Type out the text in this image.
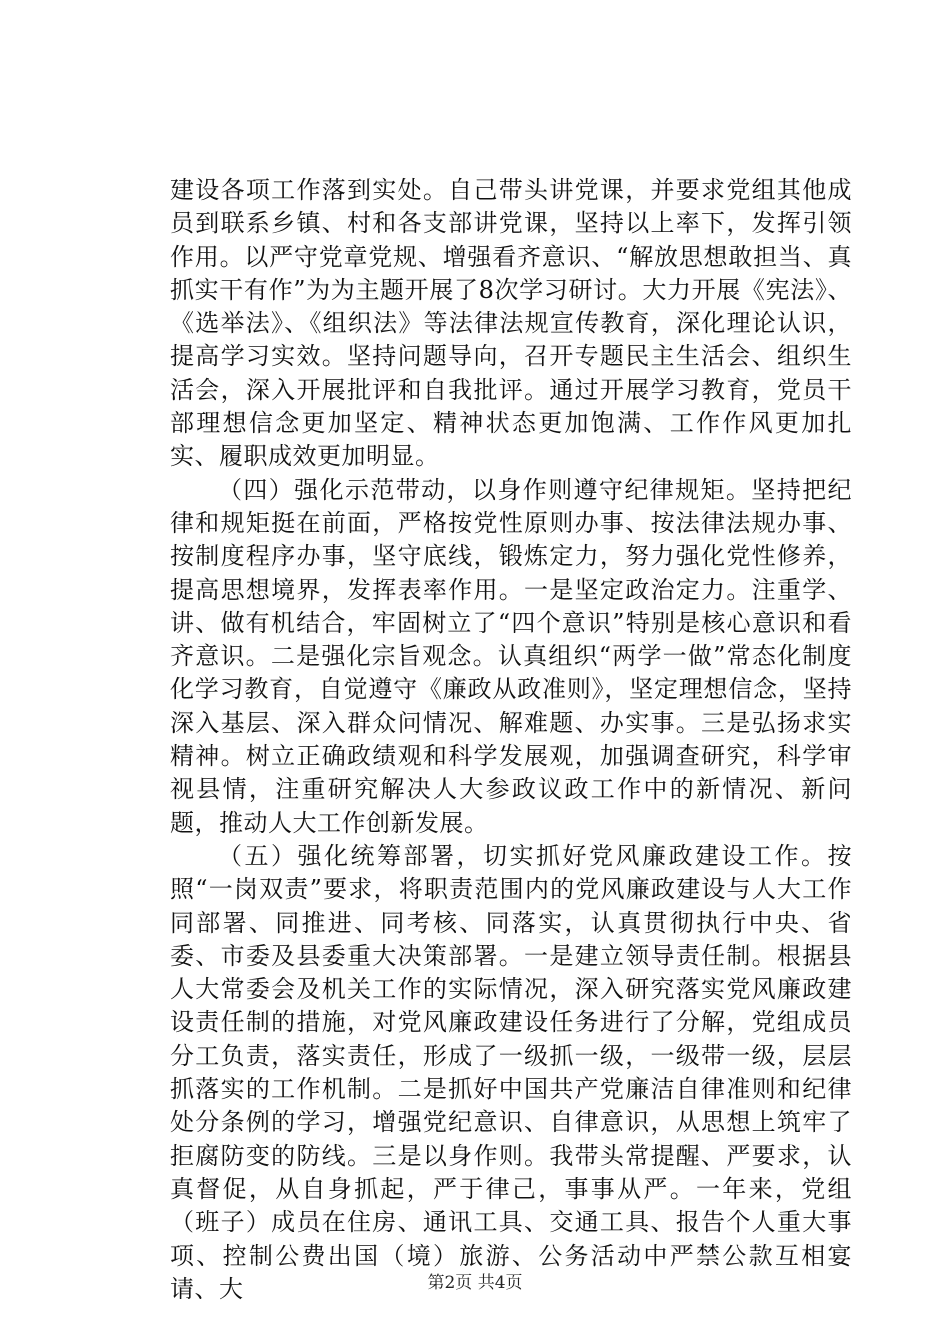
建设各项工作落到实处。自己带头讲党课，并要求党组其他成员到联系乡镇、村和各支部讲党课，坚持以上率下，发挥引领作用。以严守党章党规、增强看齐意识、“解放思想敢担当、真抓实干有作”为为主题开展了8次学习研讨。大力开展《宪法》、《选举法》、《组织法》等法律法规宣传教育，深化理论认识，提高学习实效。坚持问题导向，召开专题民主生活会、组织生活会，深入开展批评和自我批评。通过开展学习教育，党员干部理想信念更加坚定、精神状态更加饱满、工作作风更加扎实、履职成效更加明显。

（四）强化示范带动，以身作则遵守纪律规矩。坚持把纪律和规矩挺在前面，严格按党性原则办事、按法律法规办事、按制度程序办事，坚守底线，锻炼定力，努力强化党性修养，提高思想境界，发挥表率作用。一是坚定政治定力。注重学、讲、做有机结合，牢固树立了“四个意识”特别是核心意识和看齐意识。二是强化宗旨观念。认真组织“两学一做”常态化制度化学习教育，自觉遵守《廉政从政准则》，坚定理想信念，坚持深入基层、深入群众问情况、解难题、办实事。三是弘扬求实精神。树立正确政绩观和科学发展观，加强调查研究，科学审视县情，注重研究解决人大参政议政工作中的新情况、新问题，推动人大工作创新发展。

（五）强化统筹部署，切实抓好党风廉政建设工作。按照“一岗双责”要求，将职责范围内的党风廉政建设与人大工作同部署、同推进、同考核、同落实，认真贯彻执行中央、省委、市委及县委重大决策部署。一是建立领导责任制。根据县人大常委会及机关工作的实际情况，深入研究落实党风廉政建设责任制的措施，对党风廉政建设任务进行了分解，党组成员分工负责，落实责任，形成了一级抓一级，一级带一级，层层抓落实的工作机制。二是抓好中国共产党廉洁自律准则和纪律处分条例的学习，增强党纪意识、自律意识，从思想上筑牢了拒腐防变的防线。三是以身作则。我带头常提醒、严要求，认真督促，从自身抓起，严于律己，事事从严。一年来，党组（班子）成员在住房、通讯工具、交通工具、报告个人重大事项、控制公费出国（境）旅游、公务活动中严禁公款互相宴请、大	第2页 共4页
